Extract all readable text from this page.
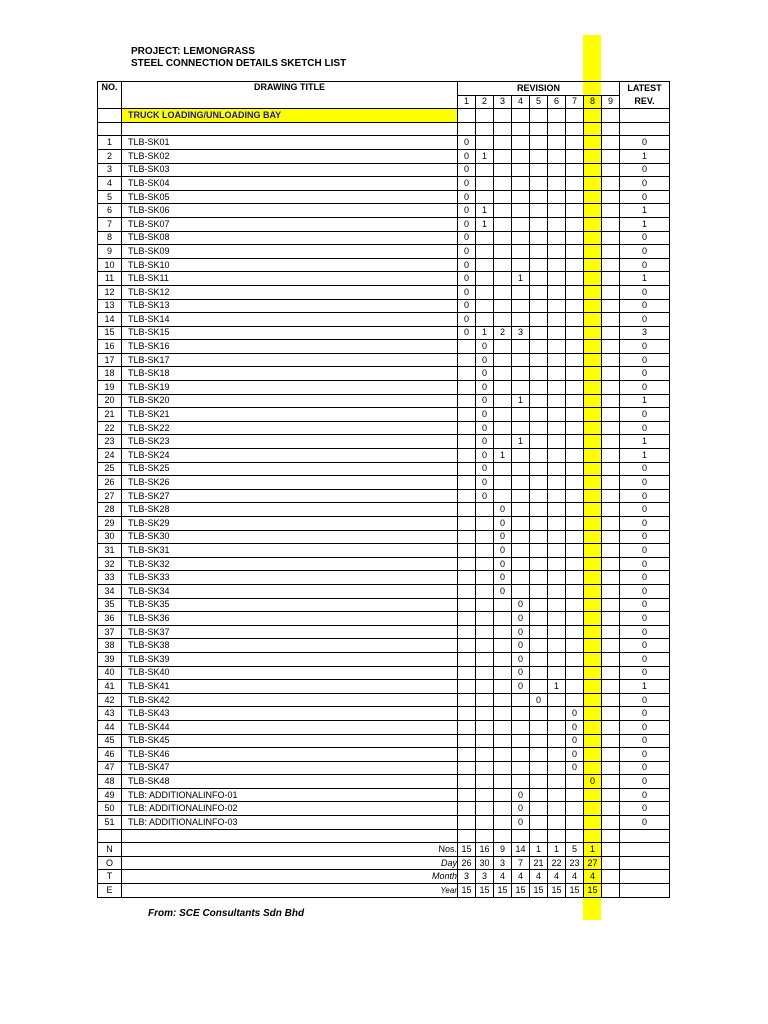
PROJECT: LEMONGRASS
STEEL CONNECTION DETAILS SKETCH LIST
NO.	DRAWING TITLE	REVISION									LATEST
		1	2	3	4	5	6	7	8	9	REV.
	TRUCK LOADING/UNLOADING BAY										

1	TLB-SK01	0									0
2	TLB-SK02	0	1								1
3	TLB-SK03	0									0
4	TLB-SK04	0									0
5	TLB-SK05	0									0
6	TLB-SK06	0	1								1
7	TLB-SK07	0	1								1
8	TLB-SK08	0									0
9	TLB-SK09	0									0
10	TLB-SK10	0									0
11	TLB-SK11	0			1						1
12	TLB-SK12	0									0
13	TLB-SK13	0									0
14	TLB-SK14	0									0
15	TLB-SK15	0	1	2	3						3
16	TLB-SK16		0								0
17	TLB-SK17		0								0
18	TLB-SK18		0								0
19	TLB-SK19		0								0
20	TLB-SK20		0		1						1
21	TLB-SK21		0								0
22	TLB-SK22		0								0
23	TLB-SK23		0		1						1
24	TLB-SK24		0	1							1
25	TLB-SK25		0								0
26	TLB-SK26		0								0
27	TLB-SK27		0								0
28	TLB-SK28			0							0
29	TLB-SK29			0							0
30	TLB-SK30			0							0
31	TLB-SK31			0							0
32	TLB-SK32			0							0
33	TLB-SK33			0							0
34	TLB-SK34			0							0
35	TLB-SK35				0						0
36	TLB-SK36				0						0
37	TLB-SK37				0						0
38	TLB-SK38				0						0
39	TLB-SK39				0						0
40	TLB-SK40				0						0
41	TLB-SK41				0		1				1
42	TLB-SK42					0					0
43	TLB-SK43							0			0
44	TLB-SK44							0			0
45	TLB-SK45							0			0
46	TLB-SK46							0			0
47	TLB-SK47							0			0
48	TLB-SK48								0		0
49	TLB: ADDITIONALINFO-01				0						0
50	TLB: ADDITIONALINFO-02				0						0
51	TLB: ADDITIONALINFO-03				0						0

N	Nos.	15	16	9	14	1	1	5	1		
O	Day	26	30	3	7	21	22	23	27		
T	Month	3	3	4	4	4	4	4	4		
E	Year	15	15	15	15	15	15	15	15		
From: SCE Consultants Sdn Bhd
